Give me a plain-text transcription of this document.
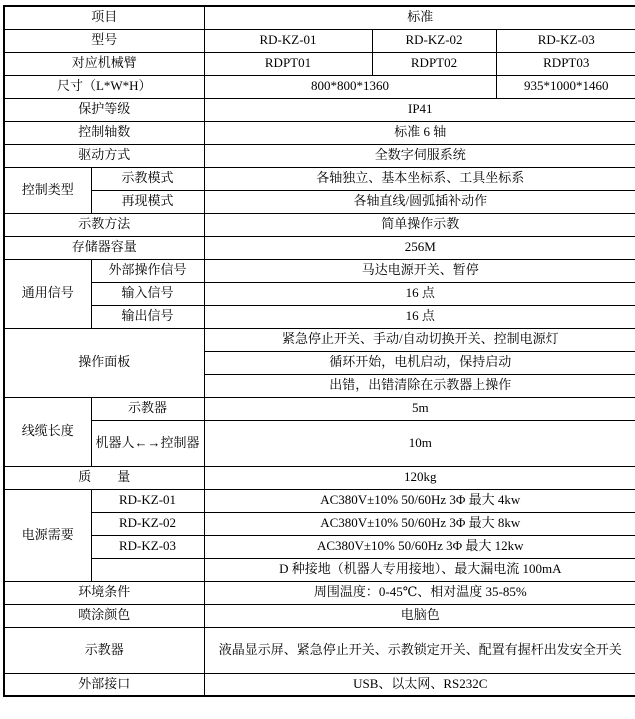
项目		标准		
型号		RD-KZ-01	RD-KZ-02	RD-KZ-03
对应机械臂		RDPT01	RDPT02	RDPT03
尺寸（L*W*H）		800*800*1360		935*1000*1460
保护等级		IP41		
控制轴数		标准 6 轴		
驱动方式		全数字伺服系统		
控制类型	示教模式	各轴独立、基本坐标系、工具坐标系		
	再现模式	各轴直线/圆弧插补动作		
示教方法		简单操作示教		
存储器容量		256M		
通用信号	外部操作信号	马达电源开关、暂停		
	输入信号	16 点		
	输出信号	16 点		
操作面板		紧急停止开关、手动/自动切换开关、控制电源灯		
		循环开始，电机启动，保持启动		
		出错，出错清除在示教器上操作		
线缆长度	示教器	5m		
	机器人←→控制器	10m		
质　　量		120kg		
电源需要	RD-KZ-01	AC380V±10% 50/60Hz 3Φ 最大 4kw		
	RD-KZ-02	AC380V±10% 50/60Hz 3Φ 最大 8kw		
	RD-KZ-03	AC380V±10% 50/60Hz 3Φ 最大 12kw		
		D 种接地（机器人专用接地）、最大漏电流 100mA		
环境条件		周围温度：0-45℃、相对温度 35-85%		
喷涂颜色		电脑色		
示教器		液晶显示屏、紧急停止开关、示教锁定开关、配置有握杆出发安全开关		
外部接口		USB、以太网、RS232C		
